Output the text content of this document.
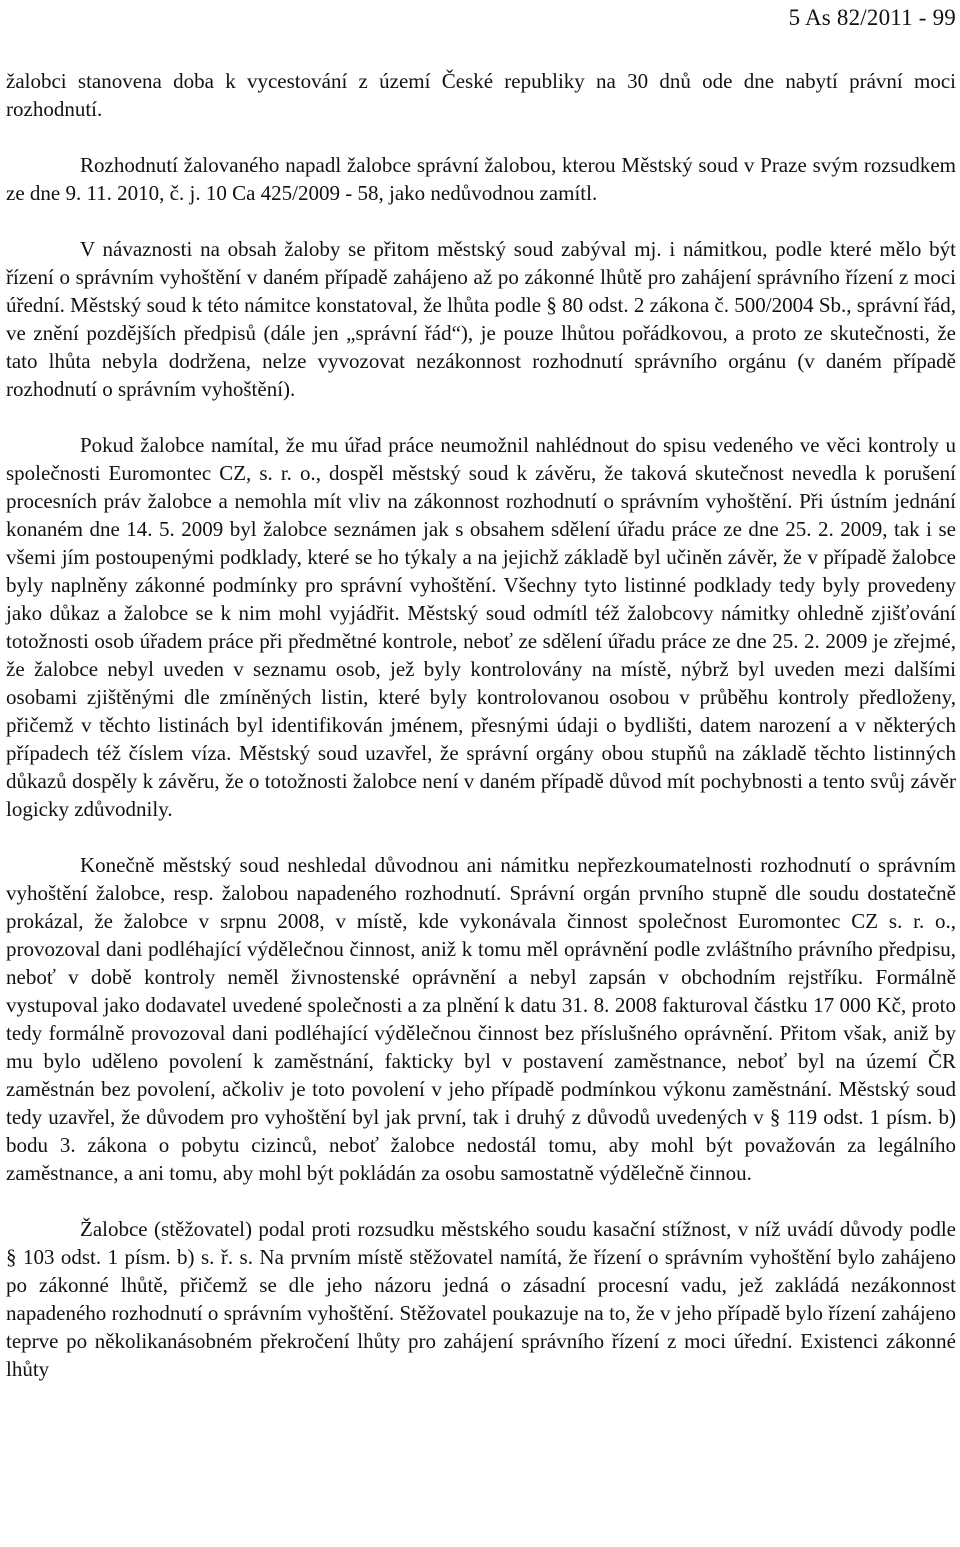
5 As 82/2011 - 99

žalobci stanovena doba k vycestování z území České republiky na 30 dnů ode dne nabytí právní moci rozhodnutí.

Rozhodnutí žalovaného napadl žalobce správní žalobou, kterou Městský soud v Praze svým rozsudkem ze dne 9. 11. 2010, č. j. 10 Ca 425/2009 - 58, jako nedůvodnou zamítl.

V návaznosti na obsah žaloby se přitom městský soud zabýval mj. i námitkou, podle které mělo být řízení o správním vyhoštění v daném případě zahájeno až po zákonné lhůtě pro zahájení správního řízení z moci úřední. Městský soud k této námitce konstatoval, že lhůta podle § 80 odst. 2 zákona č. 500/2004 Sb., správní řád, ve znění pozdějších předpisů (dále jen „správní řád“), je pouze lhůtou pořádkovou, a proto ze skutečnosti, že tato lhůta nebyla dodržena, nelze vyvozovat nezákonnost rozhodnutí správního orgánu (v daném případě rozhodnutí o správním vyhoštění).

Pokud žalobce namítal, že mu úřad práce neumožnil nahlédnout do spisu vedeného ve věci kontroly u společnosti Euromontec CZ, s. r. o., dospěl městský soud k závěru, že taková skutečnost nevedla k porušení procesních práv žalobce a nemohla mít vliv na zákonnost rozhodnutí o správním vyhoštění. Při ústním jednání konaném dne 14. 5. 2009 byl žalobce seznámen jak s obsahem sdělení úřadu práce ze dne 25. 2. 2009, tak i se všemi jím postoupenými podklady, které se ho týkaly a na jejichž základě byl učiněn závěr, že v případě žalobce byly naplněny zákonné podmínky pro správní vyhoštění. Všechny tyto listinné podklady tedy byly provedeny jako důkaz a žalobce se k nim mohl vyjádřit. Městský soud odmítl též žalobcovy námitky ohledně zjišťování totožnosti osob úřadem práce při předmětné kontrole, neboť ze sdělení úřadu práce ze dne 25. 2. 2009 je zřejmé, že žalobce nebyl uveden v seznamu osob, jež byly kontrolovány na místě, nýbrž byl uveden mezi dalšími osobami zjištěnými dle zmíněných listin, které byly kontrolovanou osobou v průběhu kontroly předloženy, přičemž v těchto listinách byl identifikován jménem, přesnými údaji o bydlišti, datem narození a v některých případech též číslem víza. Městský soud uzavřel, že správní orgány obou stupňů na základě těchto listinných důkazů dospěly k závěru, že o totožnosti žalobce není v daném případě důvod mít pochybnosti a tento svůj závěr logicky zdůvodnily.

Konečně městský soud neshledal důvodnou ani námitku nepřezkoumatelnosti rozhodnutí o správním vyhoštění žalobce, resp. žalobou napadeného rozhodnutí. Správní orgán prvního stupně dle soudu dostatečně prokázal, že žalobce v srpnu 2008, v místě, kde vykonávala činnost společnost Euromontec CZ s. r. o., provozoval dani podléhající výdělečnou činnost, aniž k tomu měl oprávnění podle zvláštního právního předpisu, neboť v době kontroly neměl živnostenské oprávnění a nebyl zapsán v obchodním rejstříku. Formálně vystupoval jako dodavatel uvedené společnosti a za plnění k datu 31. 8. 2008 fakturoval částku 17 000 Kč, proto tedy formálně provozoval dani podléhající výdělečnou činnost bez příslušného oprávnění. Přitom však, aniž by mu bylo uděleno povolení k zaměstnání, fakticky byl v postavení zaměstnance, neboť byl na území ČR zaměstnán bez povolení, ačkoliv je toto povolení v jeho případě podmínkou výkonu zaměstnání. Městský soud tedy uzavřel, že důvodem pro vyhoštění byl jak první, tak i druhý z důvodů uvedených v § 119 odst. 1 písm. b) bodu 3. zákona o pobytu cizinců, neboť žalobce nedostál tomu, aby mohl být považován za legálního zaměstnance, a ani tomu, aby mohl být pokládán za osobu samostatně výdělečně činnou.

Žalobce (stěžovatel) podal proti rozsudku městského soudu kasační stížnost, v níž uvádí důvody podle § 103 odst. 1 písm. b) s. ř. s. Na prvním místě stěžovatel namítá, že řízení o správním vyhoštění bylo zahájeno po zákonné lhůtě, přičemž se dle jeho názoru jedná o zásadní procesní vadu, jež zakládá nezákonnost napadeného rozhodnutí o správním vyhoštění. Stěžovatel poukazuje na to, že v jeho případě bylo řízení zahájeno teprve po několikanásobném překročení lhůty pro zahájení správního řízení z moci úřední. Existenci zákonné lhůty
